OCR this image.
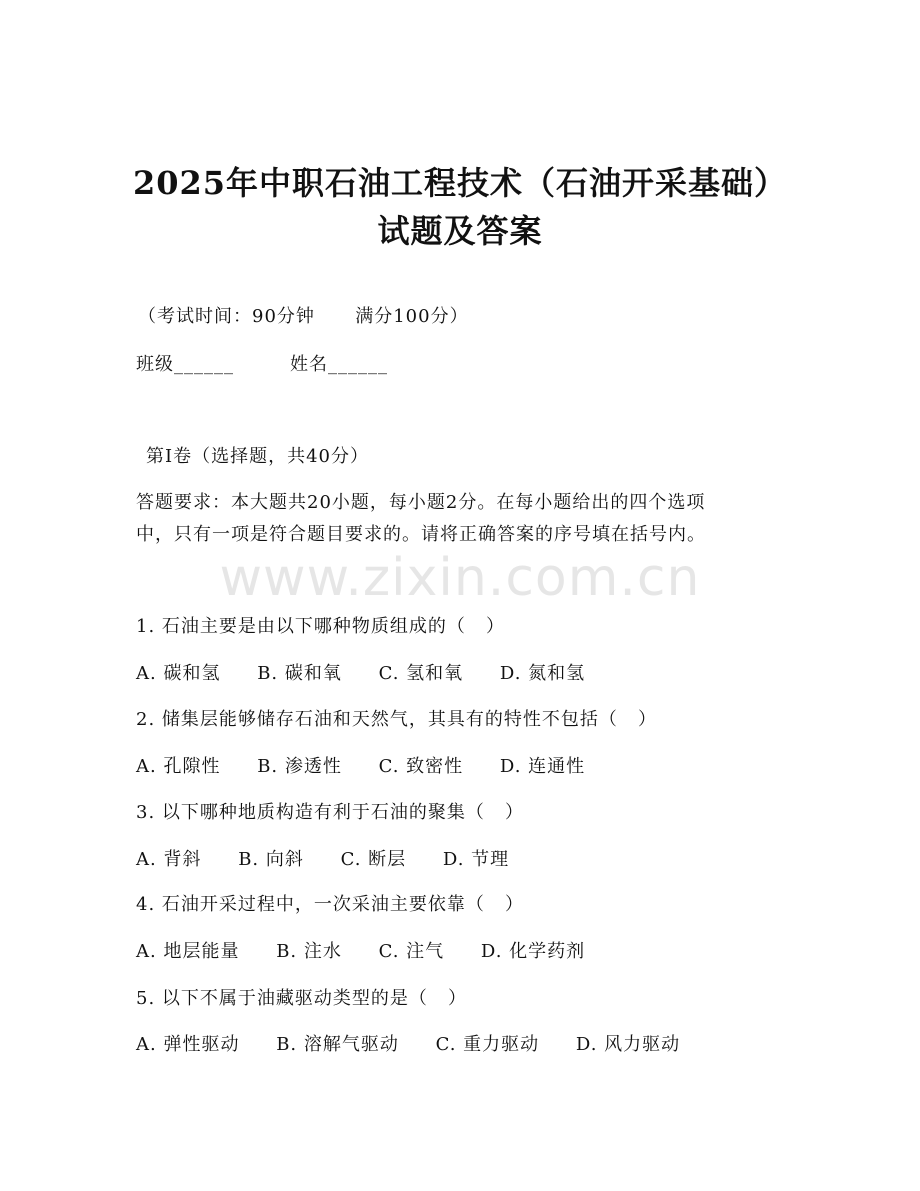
2025年中职石油工程技术（石油开采基础）
试题及答案
（考试时间：90分钟      满分100分）
班级______	姓名______
第Ⅰ卷（选择题，共40分）
答题要求：本大题共20小题，每小题2分。在每小题给出的四个选项
中，只有一项是符合题目要求的。请将正确答案的序号填在括号内。
www.zixin.com.cn
1. 石油主要是由以下哪种物质组成的（   ）
A. 碳和氢 B. 碳和氧 C. 氢和氧 D. 氮和氢
2. 储集层能够储存石油和天然气，其具有的特性不包括（   ）
A. 孔隙性 B. 渗透性 C. 致密性 D. 连通性
3. 以下哪种地质构造有利于石油的聚集（   ）
A. 背斜 B. 向斜 C. 断层 D. 节理
4. 石油开采过程中，一次采油主要依靠（   ）
A. 地层能量 B. 注水 C. 注气 D. 化学药剂
5. 以下不属于油藏驱动类型的是（   ）
A. 弹性驱动 B. 溶解气驱动 C. 重力驱动 D. 风力驱动
